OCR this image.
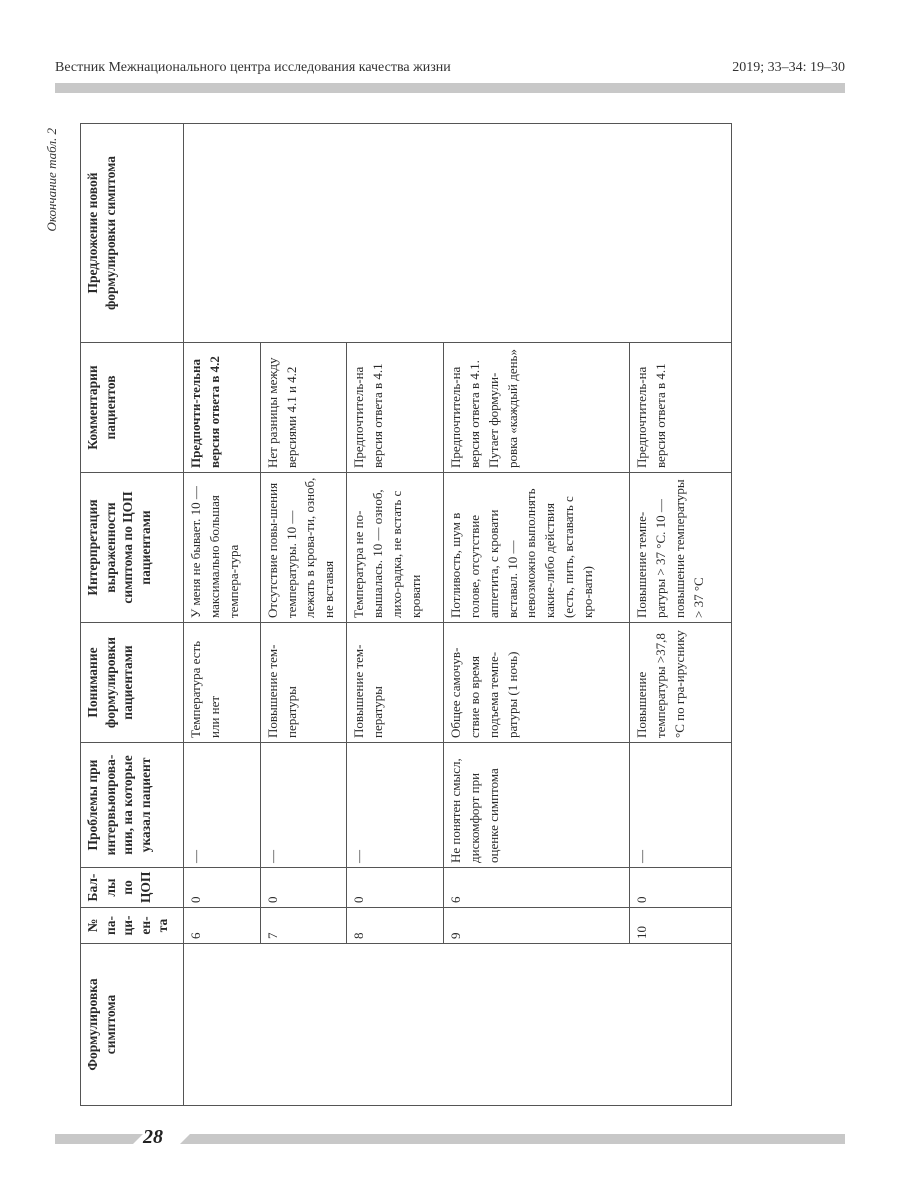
Вестник Межнационального центра исследования качества жизни	2019; 33–34: 19–30
Окончание табл. 2
Формулировка симптома	№ па-ци-ен-та	Бал-лы по ЦОП	Проблемы при интервьюирова-нии, на которые указал пациент	Понимание формулировки пациентами	Интерпретация выраженности симптома по ЦОП пациентами	Комментарии пациентов	Предложение новой формулировки симптома
	6	0	—	Температура есть или нет	У меня не бывает. 10 — максимально большая темпера-тура	Предпочти-тельна версия ответа в 4.2	
	7	0	—	Повышение тем-пературы	Отсутствие повы-шения температуры. 10 — лежать в крова-ти, озноб, не вставая	Нет разницы между версиями 4.1 и 4.2	
	8	0	—	Повышение тем-пературы	Температура не по-вышалась. 10 — озноб, лихо-радка, не встать с кровати	Предпочтитель-на версия ответа в 4.1	
	9	6	Не понятен смысл, дискомфорт при оценке симптома	Общее самочув-ствие во время подъема темпе-ратуры (1 ночь)	Потливость, шум в голове, отсутствие аппетита, с кровати вставал. 10 — невозможно выполнять какие-либо действия (есть, пить, вставать с кро-вати)	Предпочтитель-на версия ответа в 4.1. Путает формули-ровка «каждый день»	
	10	0	—	Повышение температуры >37,8 °C по гра-ируснику	Повышение темпе-ратуры > 37 °C. 10 — повышение температуры > 37 °C	Предпочтитель-на версия ответа в 4.1	
28
